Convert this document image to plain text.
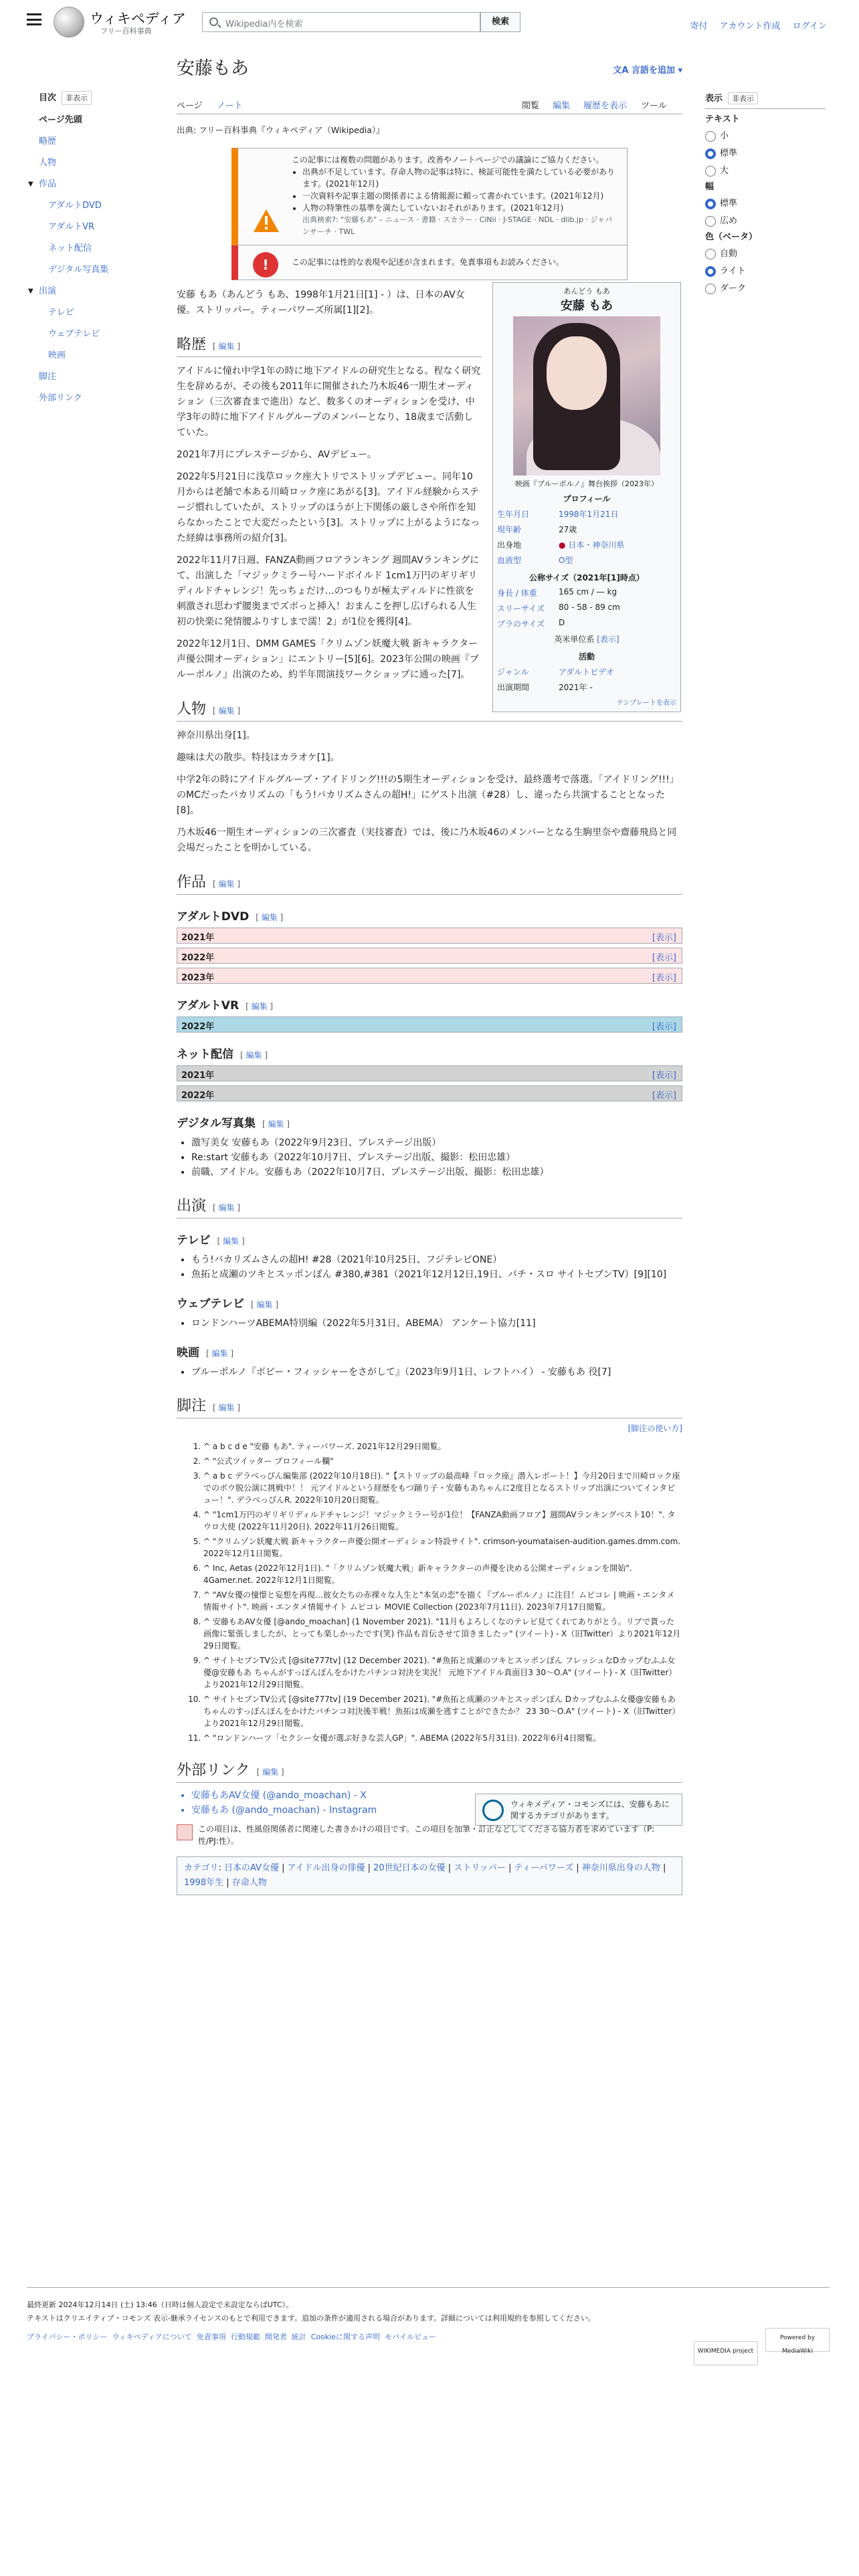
ウィキペディア
フリー百科事典
Wikipedia内を検索	検索	寄付 アカウント作成 ログイン
目次 非表示
ページ先頭
略歴
人物
▼ 作品
アダルトDVD
アダルトVR
ネット配信
デジタル写真集
▼ 出演
テレビ
ウェブテレビ
映画
脚注
外部リンク
表示 非表示
テキスト
小
標準
大
幅
標準
広め
色（ベータ）
自動
ライト
ダーク
安藤もあ	文A 言語を追加 ▾
ページ ノート	閲覧 編集 履歴を表示 ツール
出典: フリー百科事典『ウィキペディア（Wikipedia）』
この記事には複数の問題があります。改善やノートページでの議論にご協力ください。
• 出典が不足しています。存命人物の記事は特に、検証可能性を満たしている必要があります。(2021年12月)
• 一次資料や記事主題の関係者による情報源に頼って書かれています。(2021年12月)
• 人物の特筆性の基準を満たしていないおそれがあります。(2021年12月)
出典検索?: "安藤もあ" – ニュース · 書籍 · スカラー · CiNii · J-STAGE · NDL · dlib.jp · ジャパンサーチ · TWL
!	この記事には性的な表現や記述が含まれます。免責事項もお読みください。
あんどう もあ
安藤 もあ
映画『ブルーポルノ』舞台挨拶（2023年）
プロフィール	
生年月日	1998年1月21日
現年齢	27歳
出身地	● 日本・神奈川県
血液型	O型
公称サイズ（2021年[1]時点）	
身長 / 体重	165 cm / ― kg
スリーサイズ	80 - 58 - 89 cm
ブラのサイズ	D
英米単位系 [表示]	
活動	
ジャンル	アダルトビデオ
出演期間	2021年 -
テンプレートを表示	

安藤 もあ（あんどう もあ、1998年1月21日[1] - ）は、日本のAV女優。ストリッパー。ティーパワーズ所属[1][2]。

略歴 [ 編集 ]

アイドルに憧れ中学1年の時に地下アイドルの研究生となる。程なく研究生を辞めるが、その後も2011年に開催された乃木坂46一期生オーディション（三次審査まで進出）など、数多くのオーディションを受け、中学3年の時に地下アイドルグループのメンバーとなり、18歳まで活動していた。

2021年7月にプレステージから、AVデビュー。

2022年5月21日に浅草ロック座大トリでストリップデビュー。同年10月からは老舗で本ある川崎ロック座にあがる[3]。アイドル経験からステージ慣れしていたが、ストリップのほうが上下関係の厳しさや所作を知らなかったことで大変だったという[3]。ストリップに上がるようになった経緯は事務所の紹介[3]。

2022年11月7日週、FANZA動画フロアランキング 週間AVランキングにて、出演した「マジックミラー号ハードボイルド 1cm1万円のギリギリディルドチャレンジ！先っちょだけ…のつもりが極太ディルドに性欲を刺激され思わず腰奥までズボっと挿入！おまんこを押し広げられる人生初の快楽に発情腰ふりすしまで濡！2」が1位を獲得[4]。

2022年12月1日、DMM GAMES「クリムゾン妖魔大戦 新キャラクター声優公開オーディション」にエントリー[5][6]。2023年公開の映画『ブルーポルノ』出演のため、約半年間演技ワークショップに通った[7]。

人物 [ 編集 ]

神奈川県出身[1]。

趣味は犬の散歩。特技はカラオケ[1]。

中学2年の時にアイドルグループ・アイドリング!!!の5期生オーディションを受け、最終選考で落選。「アイドリング!!!」のMCだったバカリズムの「もう!バカリズムさんの超H!」にゲスト出演（#28）し、違ったら共演することとなった[8]。

乃木坂46一期生オーディションの三次審査（実技審査）では、後に乃木坂46のメンバーとなる生駒里奈や齋藤飛鳥と同会場だったことを明かしている。

作品 [ 編集 ]
アダルトDVD [ 編集 ]
2021年	[表示]
2022年	[表示]
2023年	[表示]
アダルトVR [ 編集 ]
2022年	[表示]
ネット配信 [ 編集 ]
2021年	[表示]
2022年	[表示]
デジタル写真集 [ 編集 ]
• 激写美女 安藤もあ（2022年9月23日、プレステージ出版）
• Re:start 安藤もあ（2022年10月7日、プレステージ出版、撮影：松田忠雄）
• 前職、アイドル。安藤もあ（2022年10月7日、プレステージ出版、撮影：松田忠雄）
出演 [ 編集 ]
テレビ [ 編集 ]
• もう!バカリズムさんの超H! #28（2021年10月25日、フジテレビONE）
• 魚拓と成瀬のツキとスッポンぽん #380,#381（2021年12月12日,19日、パチ・スロ サイトセブンTV）[9][10]
ウェブテレビ [ 編集 ]
• ロンドンハーツABEMA特別編（2022年5月31日、ABEMA） アンケート協力[11]
映画 [ 編集 ]
• ブルーポルノ『ボビー・フィッシャーをさがして』（2023年9月1日、レフトハイ） - 安藤もあ 役[7]
脚注 [ 編集 ]
[脚注の使い方]
1. ^ a b c d e "安藤 もあ". ティーパワーズ. 2021年12月29日閲覧。
2. ^ "公式ツイッター プロフィール欄"
3. ^ a b c デラべっぴん編集部 (2022年10月18日). "【ストリップの最高峰『ロック座』潜入レポート！】今月20日まで川崎ロック座でのボウ脱公演に挑戦中！！ 元アイドルという経歴をもつ踊り子・安藤もあちゃんに2度目となるストリップ出演についてインタビュー！". デラべっぴんR. 2022年10月20日閲覧。
4. ^ "1cm1万円のギリギリディルドチャレンジ！マジックミラー号が1位！【FANZA動画フロア】週間AVランキングベスト10！". タウロ大使 (2022年11月20日). 2022年11月26日閲覧。
5. ^ "クリムゾン妖魔大戦 新キャラクター声優公開オーディション特設サイト". crimson-youmataisen-audition.games.dmm.com. 2022年12月1日閲覧。
6. ^ Inc, Aetas (2022年12月1日). "「クリムゾン妖魔大戦」新キャラクターの声優を決める公開オーディションを開始". 4Gamer.net. 2022年12月1日閲覧。
7. ^ "AV女優の憧憬と妄想を再現…彼女たちの赤裸々な人生と"本気の恋"を描く『ブルーポルノ』に注目！ムビコレ | 映画・エンタメ情報サイト". 映画・エンタメ情報サイト ムビコレ MOVIE Collection (2023年7月11日). 2023年7月17日閲覧。
8. ^ 安藤もあAV女優 [@ando_moachan] (1 November 2021). "11月もよろしくなのテレビ見てくれてありがとう。リプで貰った画像に緊張しましたが、とっても楽しかったです(笑) 作品も首伝させて頂きましたッ" (ツイート) - X（旧Twitter）より2021年12月29日閲覧。
9. ^ サイトセブンTV公式 [@site777tv] (12 December 2021). "#魚拓と成瀬のツキとスッポンぽん フレッシュなDカップむふふ女優@安藤もあ ちゃんがすっぽんぽんをかけたパチンコ対決を実況！ 元地下アイドル真面目3 30〜O.A" (ツイート) - X（旧Twitter）より2021年12月29日閲覧。
10. ^ サイトセブンTV公式 [@site777tv] (19 December 2021). "#魚拓と成瀬のツキとスッポンぽん Dカップむふふ女優@安藤もあ ちゃんのすっぽんぽんをかけたパチンコ対決後半戦！魚拓は成瀬を逃すことができたか？ 23 30〜O.A" (ツイート) - X（旧Twitter）より2021年12月29日閲覧。
11. ^ "ロンドンハーツ「セクシー女優が選ぶ好きな芸人GP」". ABEMA (2022年5月31日). 2022年6月4日閲覧。
外部リンク [ 編集 ]
ウィキメディア・コモンズには、安藤もあに関するカテゴリがあります。
• 安藤もあAV女優 (@ando_moachan) - X
• 安藤もあ (@ando_moachan) - Instagram
この項目は、性風俗関係者に関連した書きかけの項目です。この項目を加筆・訂正などしてくださる協力者を求めています（P:性/PJ:性）。
カテゴリ: 日本のAV女優 | アイドル出身の俳優 | 20世紀日本の女優 | ストリッパー | ティーパワーズ | 神奈川県出身の人物 | 1998年生 | 存命人物
最終更新 2024年12月14日 (土) 13:46（日時は個人設定で未設定ならばUTC）。
テキストはクリエイティブ・コモンズ 表示-継承ライセンスのもとで利用できます。追加の条件が適用される場合があります。詳細については利用規約を参照してください。
プライバシー・ポリシー ウィキペディアについて 免責事項 行動規範 開発者 統計 Cookieに関する声明 モバイルビュー
WIKIMEDIA project Powered by MediaWiki
